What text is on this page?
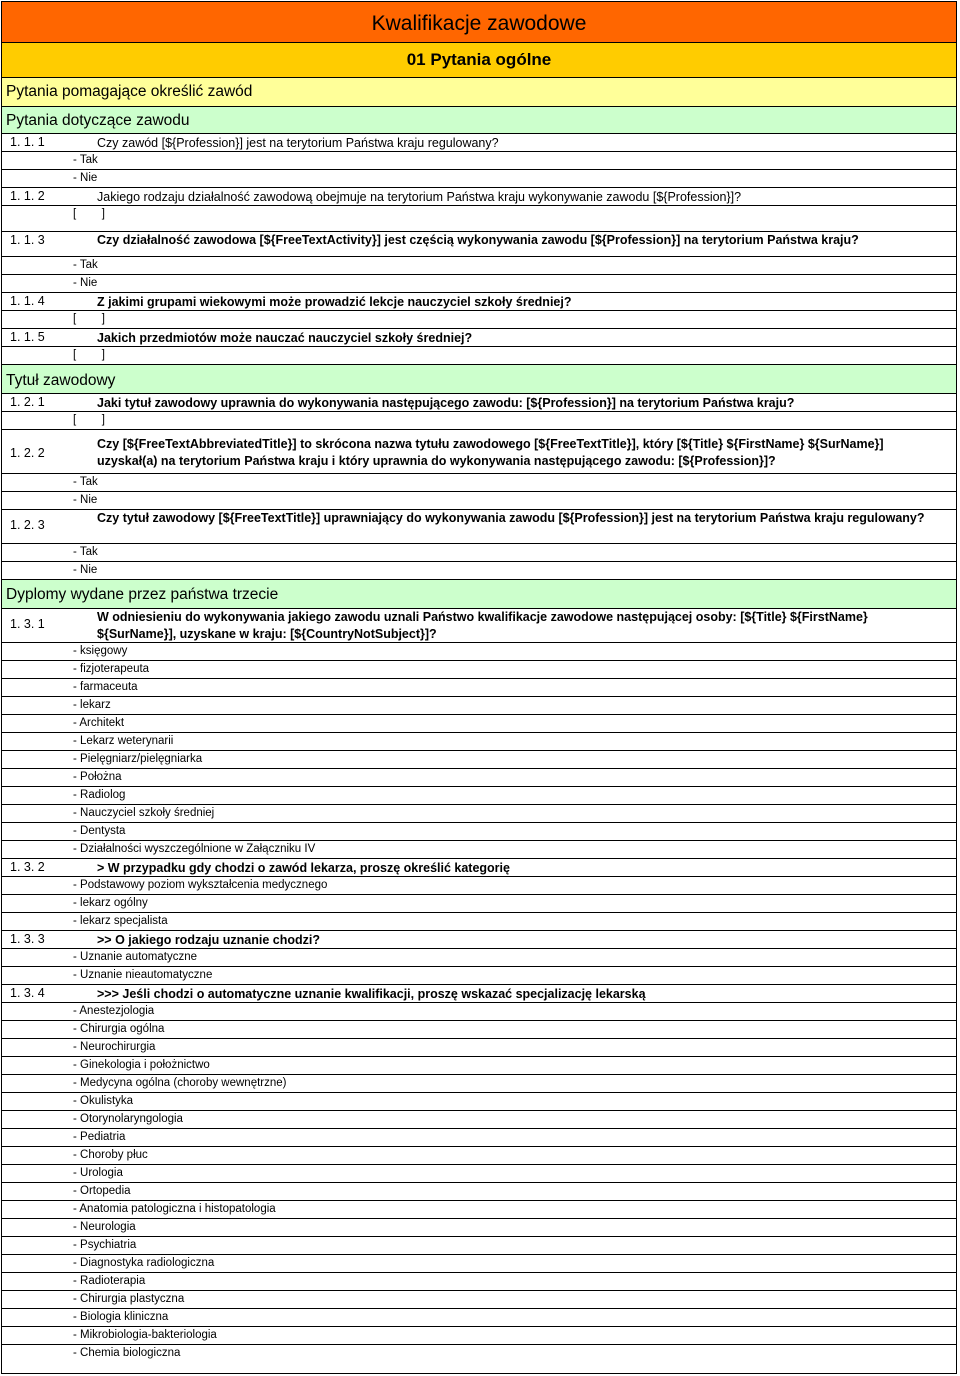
Kwalifikacje zawodowe
01 Pytania ogólne
Pytania pomagające określić zawód
Pytania dotyczące zawodu
1. 1. 1	Czy zawód [${Profession}] jest na terytorium Państwa kraju regulowany?
- Tak
- Nie
1. 1. 2	Jakiego rodzaju działalność zawodową obejmuje na terytorium Państwa kraju wykonywanie zawodu [${Profession}]?
[        ]
1. 1. 3	Czy działalność zawodowa [${FreeTextActivity}] jest częścią wykonywania zawodu [${Profession}] na terytorium Państwa kraju?
- Tak
- Nie
1. 1. 4	Z jakimi grupami wiekowymi może prowadzić lekcje nauczyciel szkoły średniej?
[        ]
1. 1. 5	Jakich przedmiotów może nauczać nauczyciel szkoły średniej?
[        ]
Tytuł zawodowy
1. 2. 1	Jaki tytuł zawodowy uprawnia do wykonywania następującego zawodu: [${Profession}] na terytorium Państwa kraju?
[        ]
1. 2. 2
Czy [${FreeTextAbbreviatedTitle}] to skrócona nazwa tytułu zawodowego [${FreeTextTitle}], który [${Title} ${FirstName} ${SurName}] uzyskał(a) na terytorium Państwa kraju i który uprawnia do wykonywania następującego zawodu: [${Profession}]?
- Tak
- Nie
1. 2. 3	Czy tytuł zawodowy [${FreeTextTitle}] uprawniający do wykonywania zawodu [${Profession}] jest na terytorium Państwa kraju regulowany?
- Tak
- Nie
Dyplomy wydane przez państwa trzecie
1. 3. 1	W odniesieniu do wykonywania jakiego zawodu uznali Państwo kwalifikacje zawodowe następującej osoby: [${Title} ${FirstName} ${SurName}], uzyskane w kraju: [${CountryNotSubject}]?
- księgowy
- fizjoterapeuta
- farmaceuta
- lekarz
- Architekt
- Lekarz weterynarii
- Pielęgniarz/pielęgniarka
- Położna
- Radiolog
- Nauczyciel szkoły średniej
- Dentysta
- Działalności wyszczególnione w Załączniku IV
1. 3. 2	> W przypadku gdy chodzi o zawód lekarza, proszę określić kategorię
- Podstawowy poziom wykształcenia medycznego
- lekarz ogólny
- lekarz specjalista
1. 3. 3	>> O jakiego rodzaju uznanie chodzi?
- Uznanie automatyczne
- Uznanie nieautomatyczne
1. 3. 4	>>> Jeśli chodzi o automatyczne uznanie kwalifikacji, proszę wskazać specjalizację lekarską
- Anestezjologia
- Chirurgia ogólna
- Neurochirurgia
- Ginekologia i położnictwo
- Medycyna ogólna (choroby wewnętrzne)
- Okulistyka
- Otorynolaryngologia
- Pediatria
- Choroby płuc
- Urologia
- Ortopedia
- Anatomia patologiczna i histopatologia
- Neurologia
- Psychiatria
- Diagnostyka radiologiczna
- Radioterapia
- Chirurgia plastyczna
- Biologia kliniczna
- Mikrobiologia-bakteriologia
- Chemia biologiczna
